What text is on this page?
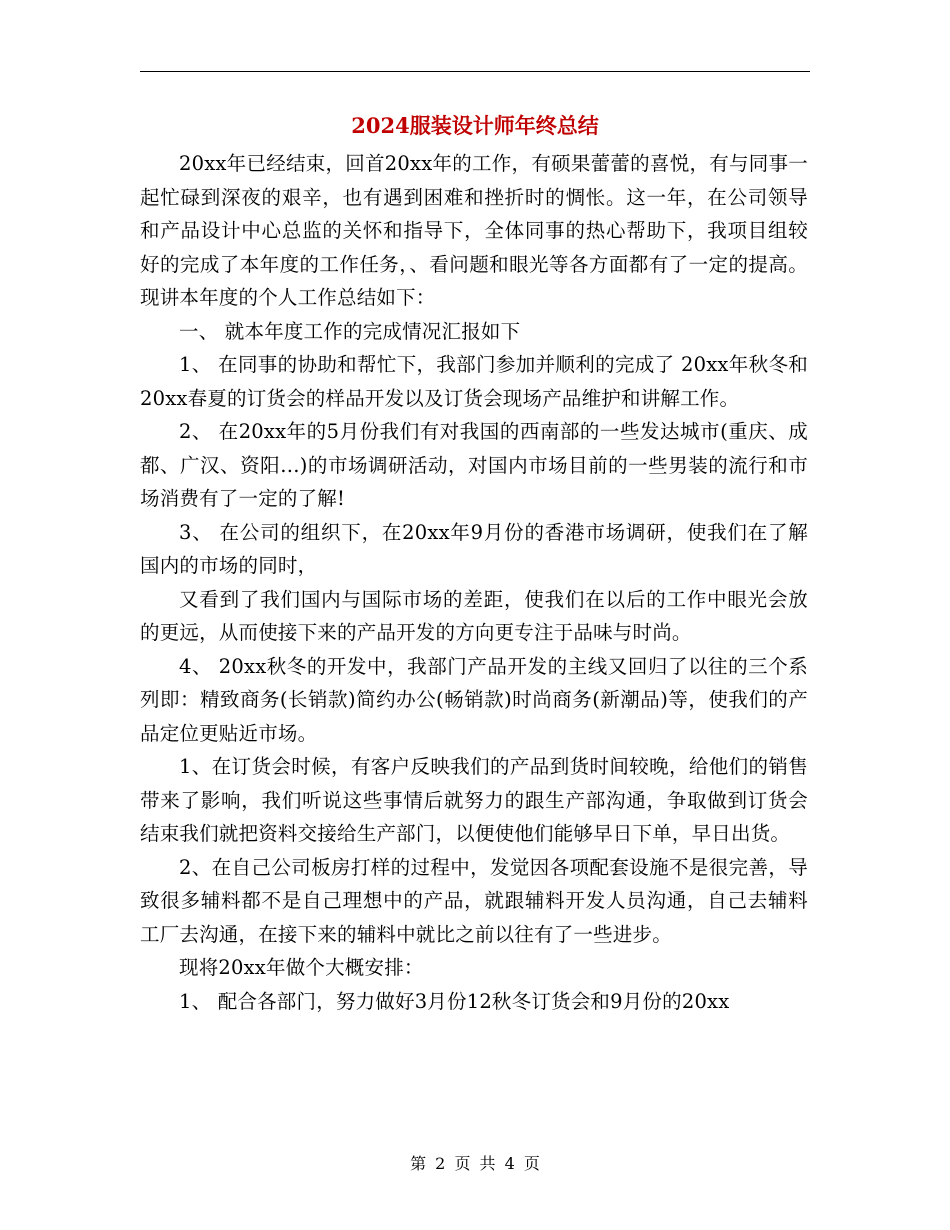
2024服装设计师年终总结

20xx年已经结束，回首20xx年的工作，有硕果蕾蕾的喜悦，有与同事一起忙碌到深夜的艰辛，也有遇到困难和挫折时的惆怅。这一年，在公司领导和产品设计中心总监的关怀和指导下，全体同事的热心帮助下，我项目组较好的完成了本年度的工作任务，、看问题和眼光等各方面都有了一定的提高。现讲本年度的个人工作总结如下：

一、 就本年度工作的完成情况汇报如下

1、 在同事的协助和帮忙下，我部门参加并顺利的完成了 20xx年秋冬和20xx春夏的订货会的样品开发以及订货会现场产品维护和讲解工作。

2、 在20xx年的5月份我们有对我国的西南部的一些发达城市(重庆、成都、广汉、资阳…)的市场调研活动，对国内市场目前的一些男装的流行和市场消费有了一定的了解!

3、 在公司的组织下，在20xx年9月份的香港市场调研，使我们在了解国内的市场的同时，

又看到了我们国内与国际市场的差距，使我们在以后的工作中眼光会放的更远，从而使接下来的产品开发的方向更专注于品味与时尚。

4、 20xx秋冬的开发中，我部门产品开发的主线又回归了以往的三个系列即：精致商务(长销款)简约办公(畅销款)时尚商务(新潮品)等，使我们的产品定位更贴近市场。

1、在订货会时候，有客户反映我们的产品到货时间较晚，给他们的销售带来了影响，我们听说这些事情后就努力的跟生产部沟通，争取做到订货会结束我们就把资料交接给生产部门，以便使他们能够早日下单，早日出货。

2、在自己公司板房打样的过程中，发觉因各项配套设施不是很完善，导致很多辅料都不是自己理想中的产品，就跟辅料开发人员沟通，自己去辅料工厂去沟通，在接下来的辅料中就比之前以往有了一些进步。

现将20xx年做个大概安排：

1、 配合各部门，努力做好3月份12秋冬订货会和9月份的20xx

第 2 页 共 4 页
